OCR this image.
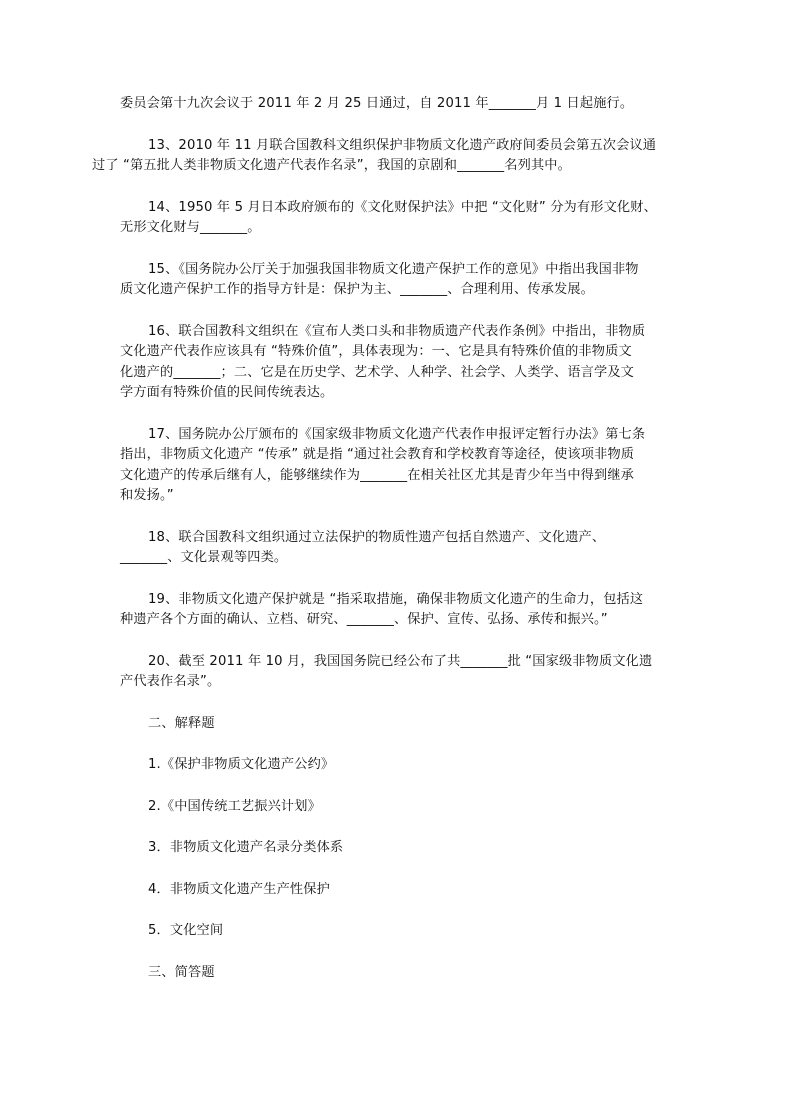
委员会第十九次会议于 2011 年 2 月 25 日通过，自 2011 年_______月 1 日起施行。

13、2010 年 11 月联合国教科文组织保护非物质文化遗产政府间委员会第五次会议通
过了 “第五批人类非物质文化遗产代表作名录”，我国的京剧和_______名列其中。

14、1950 年 5 月日本政府颁布的《文化财保护法》中把 “文化财” 分为有形文化财、
无形文化财与_______。

15、《国务院办公厅关于加强我国非物质文化遗产保护工作的意见》中指出我国非物
质文化遗产保护工作的指导方针是：保护为主、_______、合理利用、传承发展。

16、联合国教科文组织在《宣布人类口头和非物质遗产代表作条例》中指出，非物质
文化遗产代表作应该具有 “特殊价值”，具体表现为：一、它是具有特殊价值的非物质文
化遗产的_______；二、它是在历史学、艺术学、人种学、社会学、人类学、语言学及文
学方面有特殊价值的民间传统表达。

17、国务院办公厅颁布的《国家级非物质文化遗产代表作申报评定暂行办法》第七条
指出，非物质文化遗产 “传承” 就是指 “通过社会教育和学校教育等途径，使该项非物质
文化遗产的传承后继有人，能够继续作为_______在相关社区尤其是青少年当中得到继承
和发扬。”

18、联合国教科文组织通过立法保护的物质性遗产包括自然遗产、文化遗产、
_______、文化景观等四类。

19、非物质文化遗产保护就是 “指采取措施，确保非物质文化遗产的生命力，包括这
种遗产各个方面的确认、立档、研究、_______、保护、宣传、弘扬、承传和振兴。”

20、截至 2011 年 10 月，我国国务院已经公布了共_______批 “国家级非物质文化遗
产代表作名录”。

二、解释题

1.《保护非物质文化遗产公约》

2.《中国传统工艺振兴计划》

3．非物质文化遗产名录分类体系

4．非物质文化遗产生产性保护

5．文化空间

三、简答题
